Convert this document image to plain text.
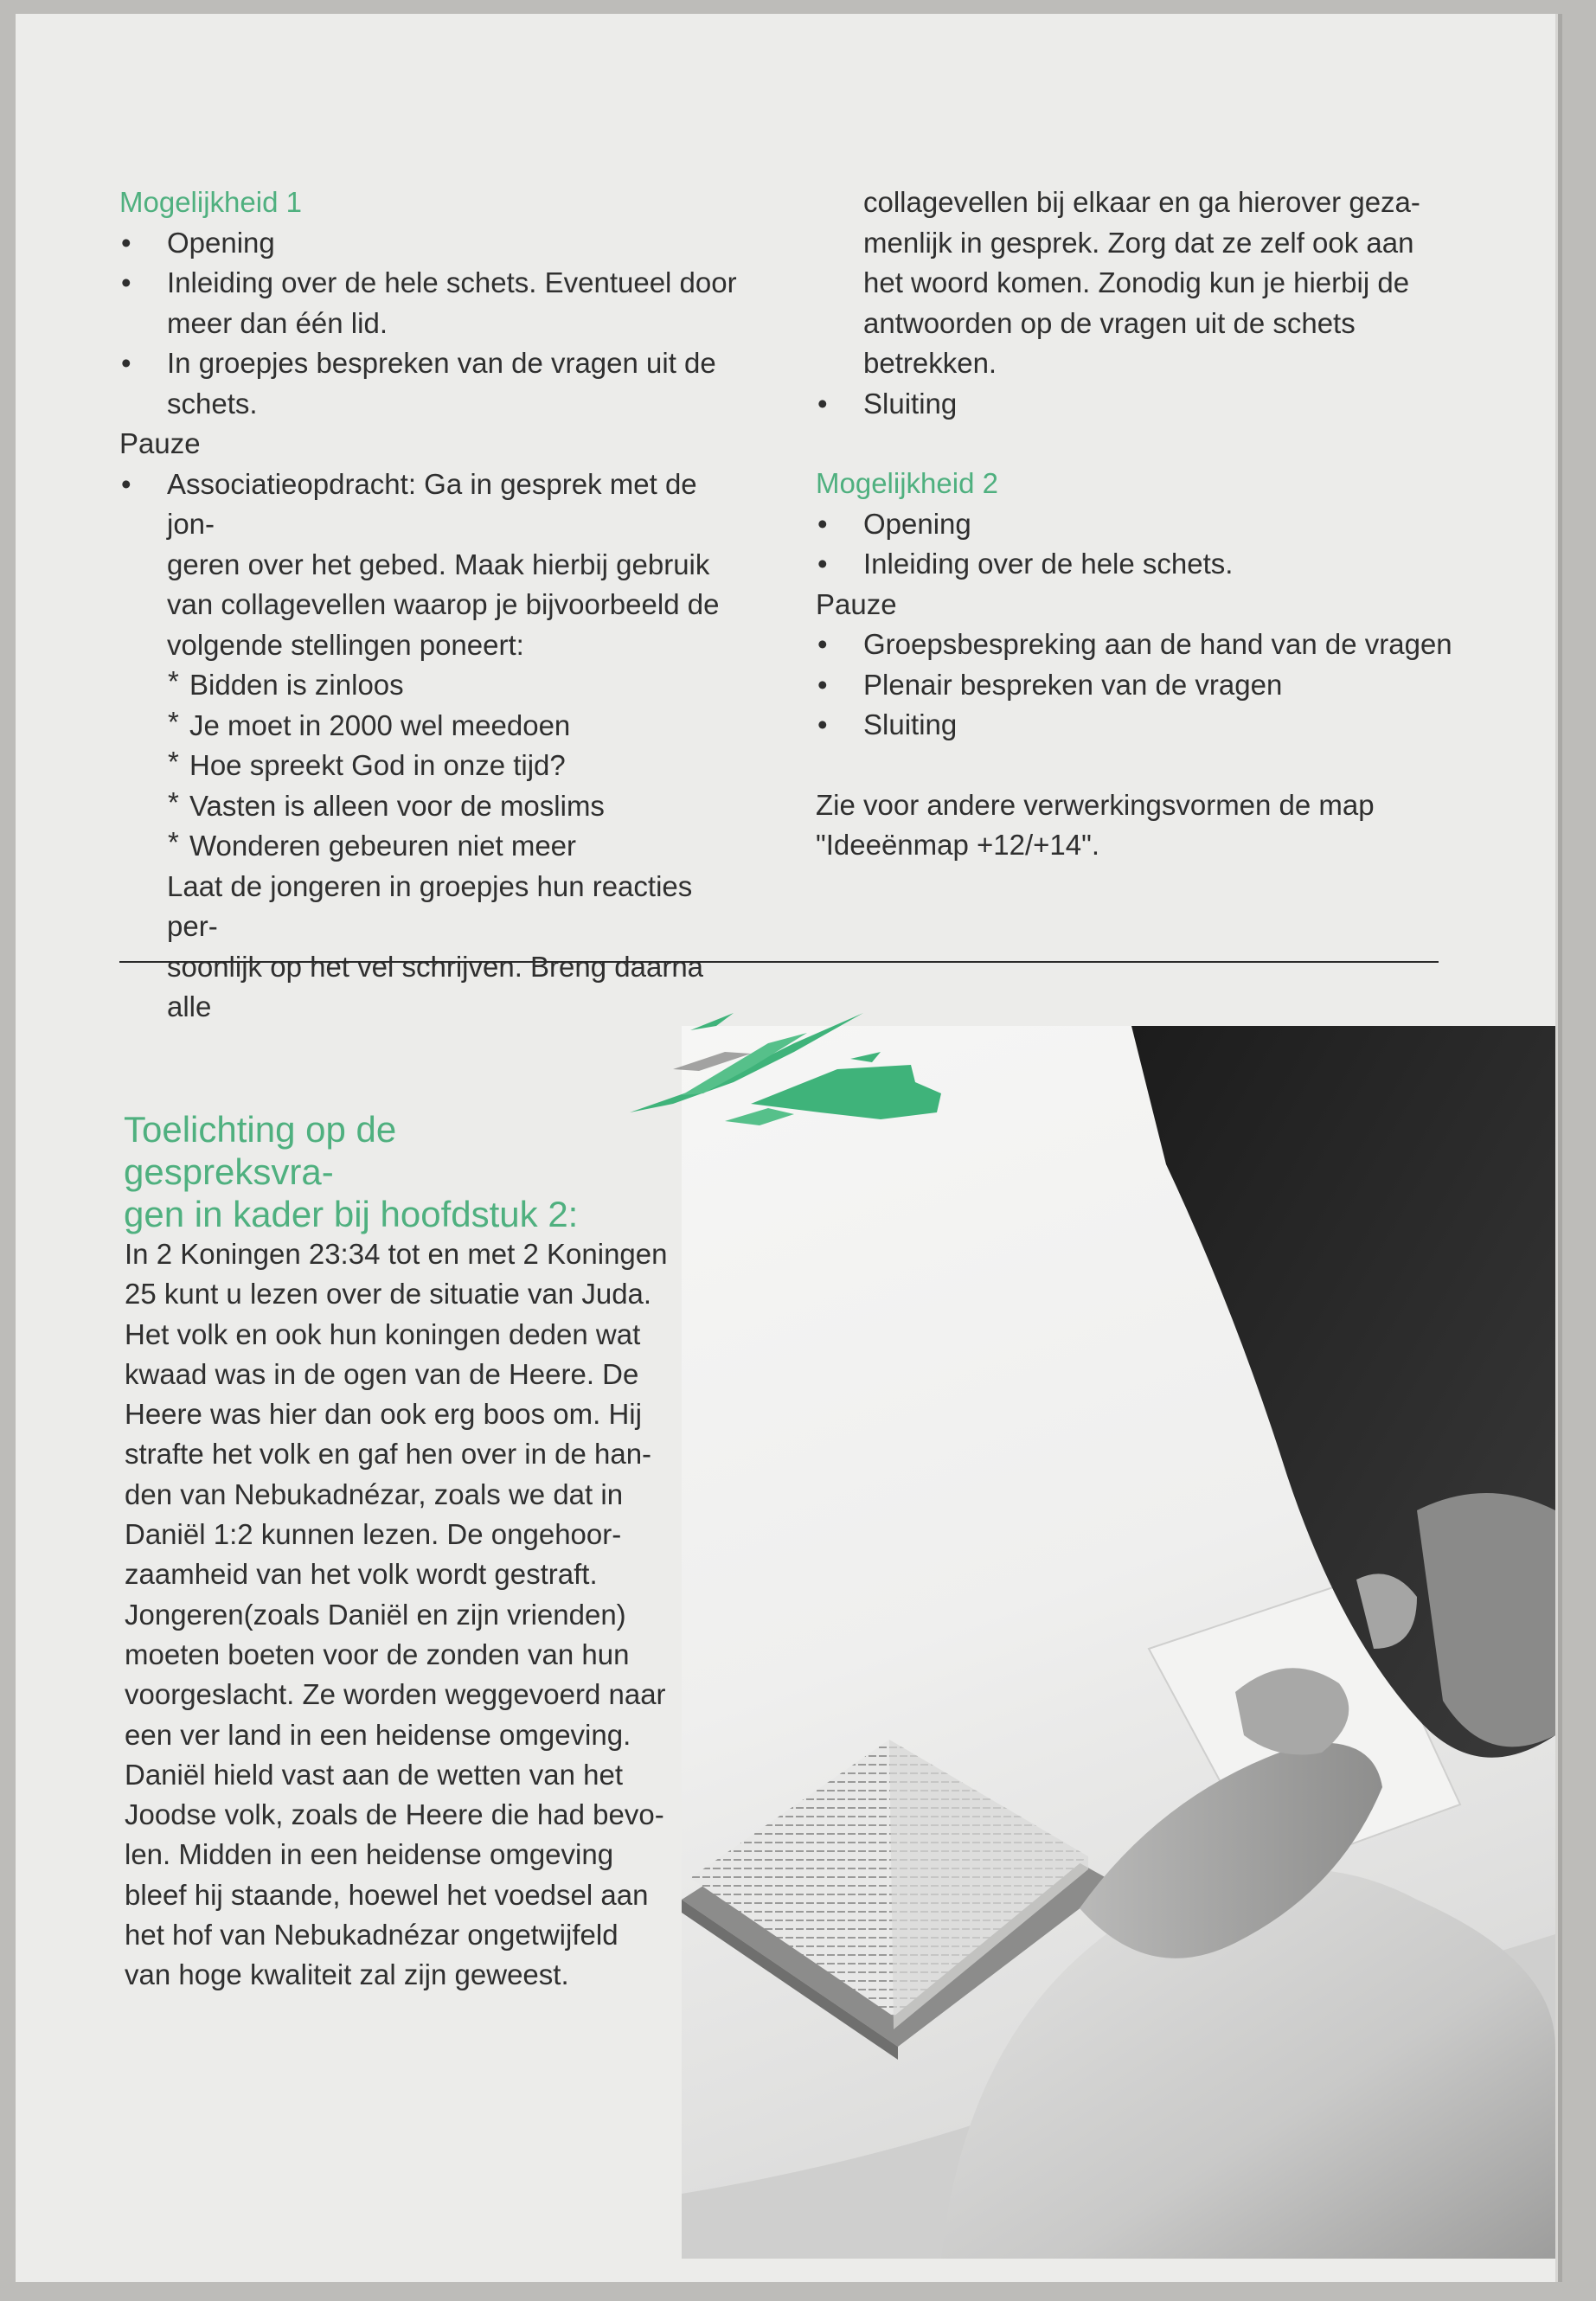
Mogelijkheid 1
• Opening
• Inleiding over de hele schets. Eventueel door
meer dan één lid.
• In groepjes bespreken van de vragen uit de
schets.
Pauze
• Associatieopdracht: Ga in gesprek met de jon-
geren over het gebed. Maak hierbij gebruik
van collagevellen waarop je bijvoorbeeld de
volgende stellingen poneert:
* Bidden is zinloos
* Je moet in 2000 wel meedoen
* Hoe spreekt God in onze tijd?
* Vasten is alleen voor de moslims
* Wonderen gebeuren niet meer
Laat de jongeren in groepjes hun reacties per-
soonlijk op het vel schrijven. Breng daarna alle
collagevellen bij elkaar en ga hierover geza-
menlijk in gesprek. Zorg dat ze zelf ook aan
het woord komen. Zonodig kun je hierbij de
antwoorden op de vragen uit de schets
betrekken.
• Sluiting
Mogelijkheid 2
• Opening
• Inleiding over de hele schets.
Pauze
• Groepsbespreking aan de hand van de vragen
• Plenair bespreken van de vragen
• Sluiting
Zie voor andere verwerkingsvormen de map
"Ideeënmap +12/+14".
Toelichting op de gespreksvra-
gen in kader bij hoofdstuk 2:
In 2 Koningen 23:34 tot en met 2 Koningen
25 kunt u lezen over de situatie van Juda.
Het volk en ook hun koningen deden wat
kwaad was in de ogen van de Heere. De
Heere was hier dan ook erg boos om. Hij
strafte het volk en gaf hen over in de han-
den van Nebukadnézar, zoals we dat in
Daniël 1:2 kunnen lezen. De ongehoor-
zaamheid van het volk wordt gestraft.
Jongeren(zoals Daniël en zijn vrienden)
moeten boeten voor de zonden van hun
voorgeslacht. Ze worden weggevoerd naar
een ver land in een heidense omgeving.
Daniël hield vast aan de wetten van het
Joodse volk, zoals de Heere die had bevo-
len. Midden in een heidense omgeving
bleef hij staande, hoewel het voedsel aan
het hof van Nebukadnézar ongetwijfeld
van hoge kwaliteit zal zijn geweest.
